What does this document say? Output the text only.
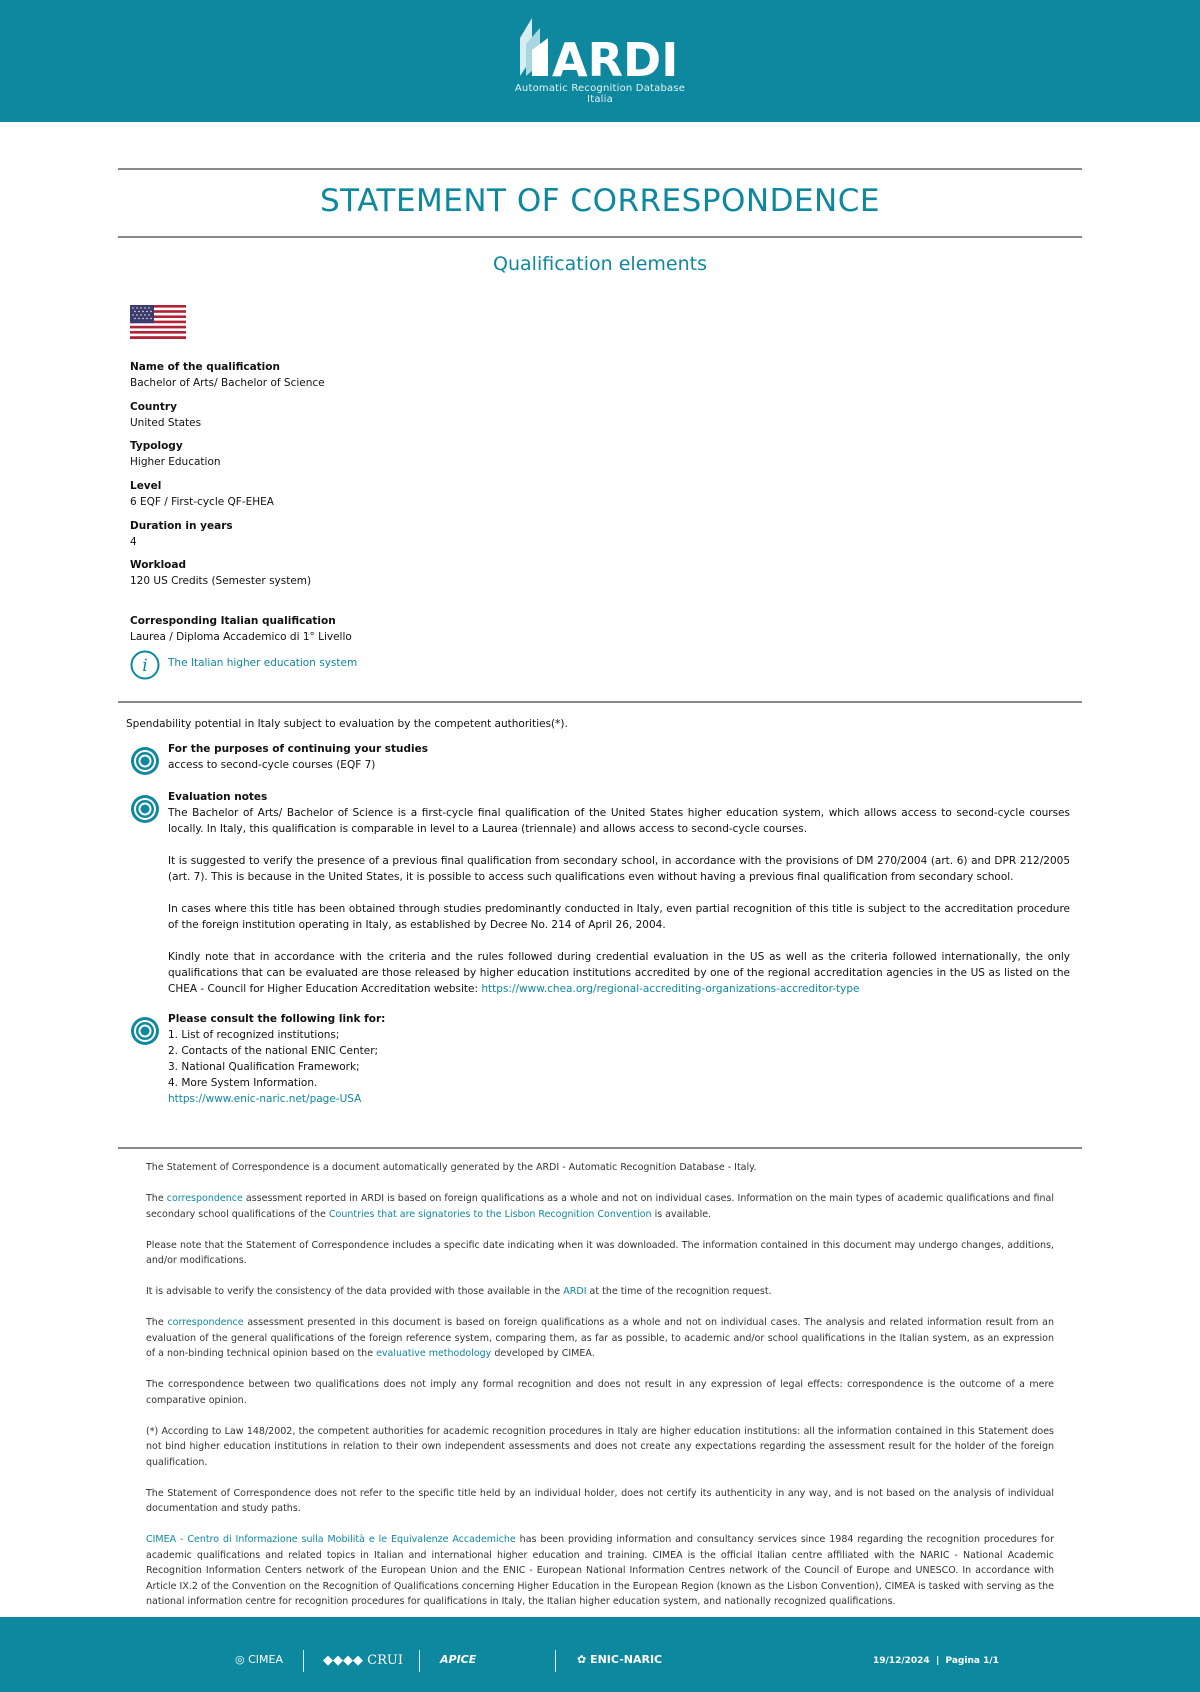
ARDI
Automatic Recognition Database Italia
STATEMENT OF CORRESPONDENCE
Qualification elements
Name of the qualification
Bachelor of Arts/ Bachelor of Science
Country
United States
Typology
Higher Education
Level
6 EQF / First-cycle QF-EHEA
Duration in years
4
Workload
120 US Credits (Semester system)
Corresponding Italian qualification
Laurea / Diploma Accademico di 1° Livello
i The Italian higher education system
Spendability potential in Italy subject to evaluation by the competent authorities(*).
For the purposes of continuing your studies
access to second-cycle courses (EQF 7)
Evaluation notes

The Bachelor of Arts/ Bachelor of Science is a first-cycle final qualification of the United States higher education system, which allows access to second-cycle courses locally. In Italy, this qualification is comparable in level to a Laurea (triennale) and allows access to second-cycle courses.

It is suggested to verify the presence of a previous final qualification from secondary school, in accordance with the provisions of DM 270/2004 (art. 6) and DPR 212/2005 (art. 7). This is because in the United States, it is possible to access such qualifications even without having a previous final qualification from secondary school.

In cases where this title has been obtained through studies predominantly conducted in Italy, even partial recognition of this title is subject to the accreditation procedure of the foreign institution operating in Italy, as established by Decree No. 214 of April 26, 2004.

Kindly note that in accordance with the criteria and the rules followed during credential evaluation in the US as well as the criteria followed internationally, the only qualifications that can be evaluated are those released by higher education institutions accredited by one of the regional accreditation agencies in the US as listed on the CHEA - Council for Higher Education Accreditation website: https://www.chea.org/regional-accrediting-organizations-accreditor-type

Please consult the following link for:
1. List of recognized institutions;
2. Contacts of the national ENIC Center;
3. National Qualification Framework;
4. More System Information.
https://www.enic-naric.net/page-USA

The Statement of Correspondence is a document automatically generated by the ARDI - Automatic Recognition Database - Italy.

The correspondence assessment reported in ARDI is based on foreign qualifications as a whole and not on individual cases. Information on the main types of academic qualifications and final secondary school qualifications of the Countries that are signatories to the Lisbon Recognition Convention is available.

Please note that the Statement of Correspondence includes a specific date indicating when it was downloaded. The information contained in this document may undergo changes, additions, and/or modifications.

It is advisable to verify the consistency of the data provided with those available in the ARDI at the time of the recognition request.

The correspondence assessment presented in this document is based on foreign qualifications as a whole and not on individual cases. The analysis and related information result from an evaluation of the general qualifications of the foreign reference system, comparing them, as far as possible, to academic and/or school qualifications in the Italian system, as an expression of a non-binding technical opinion based on the evaluative methodology developed by CIMEA.

The correspondence between two qualifications does not imply any formal recognition and does not result in any expression of legal effects: correspondence is the outcome of a mere comparative opinion.

(*) According to Law 148/2002, the competent authorities for academic recognition procedures in Italy are higher education institutions: all the information contained in this Statement does not bind higher education institutions in relation to their own independent assessments and does not create any expectations regarding the assessment result for the holder of the foreign qualification.

The Statement of Correspondence does not refer to the specific title held by an individual holder, does not certify its authenticity in any way, and is not based on the analysis of individual documentation and study paths.

CIMEA - Centro di Informazione sulla Mobilità e le Equivalenze Accademiche has been providing information and consultancy services since 1984 regarding the recognition procedures for academic qualifications and related topics in Italian and international higher education and training. CIMEA is the official Italian centre affiliated with the NARIC - National Academic Recognition Information Centers network of the European Union and the ENIC - European National Information Centres network of the Council of Europe and UNESCO. In accordance with Article IX.2 of the Convention on the Recognition of Qualifications concerning Higher Education in the European Region (known as the Lisbon Convention), CIMEA is tasked with serving as the national information centre for recognition procedures for qualifications in Italy, the Italian higher education system, and nationally recognized qualifications.

◎ CIMEA	◆◆◆◆ CRUI	APICE	✿ ENIC-NARIC	19/12/2024  |  Pagina 1/1
